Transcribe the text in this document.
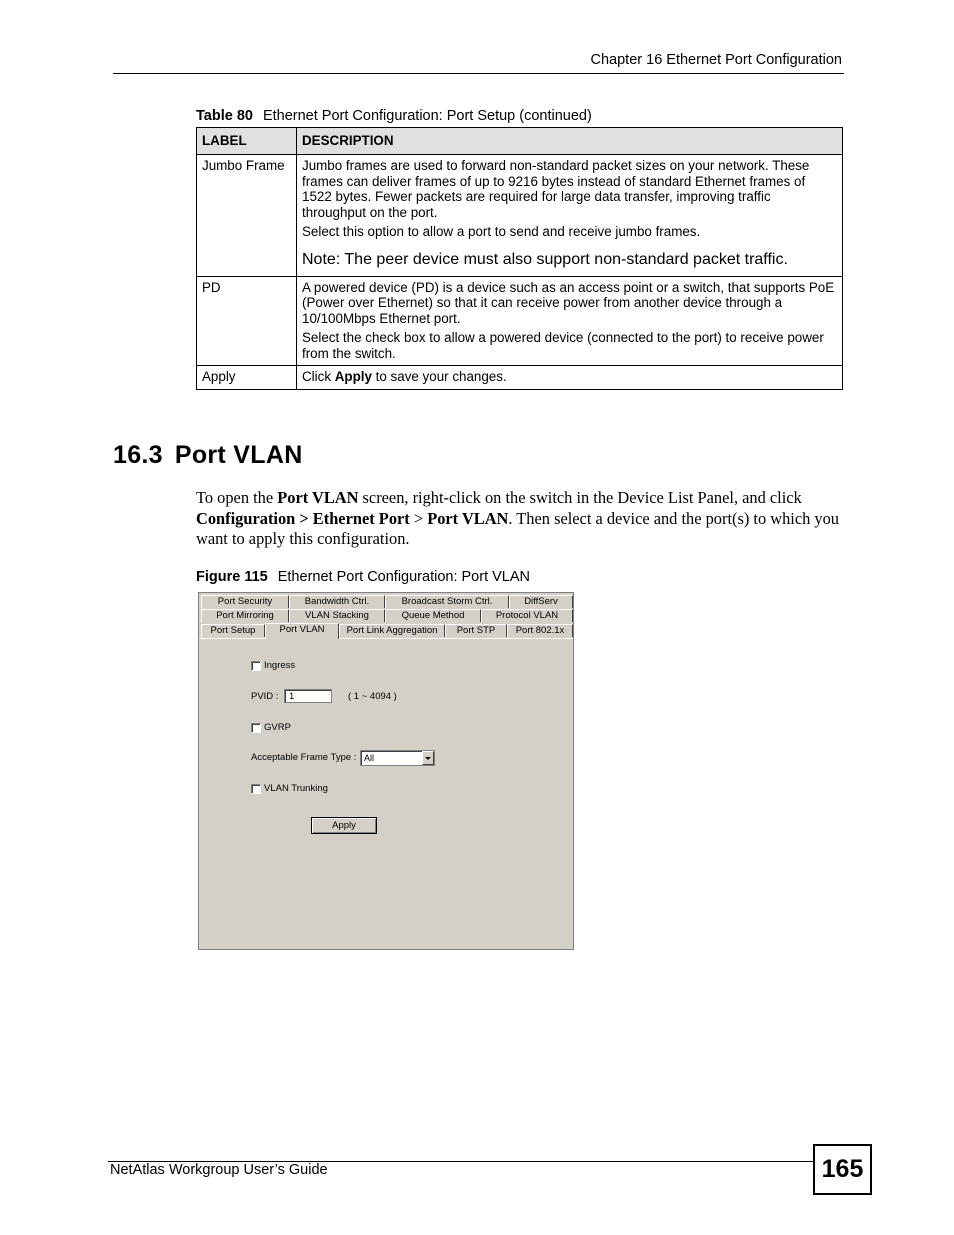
Chapter 16 Ethernet Port Configuration
Table 80 Ethernet Port Configuration: Port Setup (continued)
LABEL	DESCRIPTION
Jumbo Frame	Jumbo frames are used to forward non-standard packet sizes on your network. These frames can deliver frames of up to 9216 bytes instead of standard Ethernet frames of 1522 bytes. Fewer packets are required for large data transfer, improving traffic throughput on the port.
Select this option to allow a port to send and receive jumbo frames.
Note: The peer device must also support non-standard packet traffic.

PD	A powered device (PD) is a device such as an access point or a switch, that supports PoE (Power over Ethernet) so that it can receive power from another device through a 10/100Mbps Ethernet port.
Select the check box to allow a powered device (connected to the port) to receive power from the switch.

Apply	Click Apply to save your changes.
16.3 Port VLAN
To open the Port VLAN screen, right-click on the switch in the Device List Panel, and click Configuration > Ethernet Port > Port VLAN. Then select a device and the port(s) to which you want to apply this configuration.
Figure 115 Ethernet Port Configuration: Port VLAN
Port Security	Bandwidth Ctrl.	Broadcast Storm Ctrl.	DiffServ
Port Mirroring	VLAN Stacking	Queue Method	Protocol VLAN
Port Setup	Port VLAN	Port Link Aggregation	Port STP	Port 802.1x
Ingress
PVID :	1	( 1 ~ 4094 )
GVRP
Acceptable Frame Type : All
VLAN Trunking
Apply
NetAtlas Workgroup User’s Guide	165
